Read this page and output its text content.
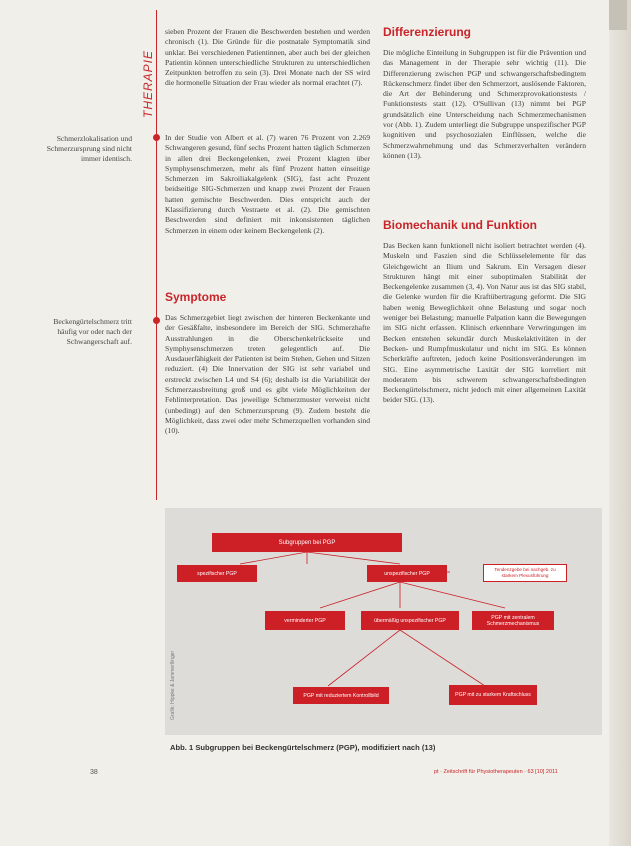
THERAPIE
Schmerzlokalisation und Schmerzursprung sind nicht immer identisch.
Beckengürtelschmerz tritt häufig vor oder nach der Schwangerschaft auf.

sieben Prozent der Frauen die Beschwerden bestehen und werden chronisch (1). Die Gründe für die postnatale Symptomatik sind unklar. Bei verschiedenen Patientinnen, aber auch bei der gleichen Patientin können unterschiedliche Strukturen zu unterschiedlichen Zeitpunkten betroffen zu sein (3). Drei Monate nach der SS wird die hormonelle Situation der Frau wieder als normal erachtet (7).

In der Studie von Albert et al. (7) waren 76 Prozent von 2.269 Schwangeren gesund, fünf sechs Prozent hatten täglich Schmerzen in allen drei Beckengelenken, zwei Prozent klagten über Symphysenschmerzen, mehr als fünf Prozent hatten einseitige Schmerzen im Sakroiliakalgelenk (SIG), fast acht Prozent beidseitige SIG-Schmerzen und knapp zwei Prozent der Frauen hatten gemischte Beschwerden. Dies entspricht auch der Klassifizierung durch Vestraete et al. (2). Die gemischten Beschwerden sind definiert mit inkonsistenten täglichen Schmerzen in einem oder keinem Beckengelenk (2).

Symptome

Das Schmerzgebiet liegt zwischen der hinteren Beckenkante und der Gesäßfalte, insbesondere im Bereich der SIG. Schmerzhafte Ausstrahlungen in die Oberschenkelrückseite und Symphysenschmerzen treten gelegentlich auf. Die Ausdauerfähigkeit der Patienten ist beim Stehen, Gehen und Sitzen reduziert. (4) Die Innervation der SIG ist sehr variabel und erstreckt zwischen L4 und S4 (6); deshalb ist die Variabilität der Schmerzausbreitung groß und es gibt viele Möglichkeiten der Fehlinterpretation. Das jeweilige Schmerzmuster verweist nicht (unbedingt) auf den Schmerzursprung (9). Zudem besteht die Möglichkeit, dass zwei oder mehr Schmerzquellen vorhanden sind (10).

Differenzierung

Die mögliche Einteilung in Subgruppen ist für die Prävention und das Management in der Therapie sehr wichtig (11). Die Differenzierung zwischen PGP und schwangerschaftsbedingtem Rückenschmerz findet über den Schmerzort, auslösende Faktoren, die Art der Behinderung und Schmerzprovokationstests / Funktionstests statt (12). O'Sullivan (13) nimmt bei PGP grundsätzlich eine Unterscheidung nach Schmerzmechanismen vor (Abb. 1). Zudem unterliegt die Subgruppe unspezifischer PGP kognitiven und psychosozialen Einflüssen, welche die Schmerzwahrnehmung und das Schmerzverhalten verändern können (13).

Biomechanik und Funktion

Das Becken kann funktionell nicht isoliert betrachtet werden (4). Muskeln und Faszien sind die Schlüsselelemente für das Gleichgewicht an Ilium und Sakrum. Ein Versagen dieser Strukturen hängt mit einer suboptimalen Stabilität der Beckengelenke zusammen (3, 4). Von Natur aus ist das SIG stabil, die Gelenke wurden für die Kraftübertragung geformt. Die SIG haben wenig Beweglichkeit ohne Belastung und sogar noch weniger bei Belastung; manuelle Palpation kann die Bewegungen im SIG nicht erfassen. Klinisch erkennbare Verwringungen im Becken entstehen sekundär durch Muskelaktivitäten in der Becken- und Rumpfmuskulatur und nicht im SIG. Es können Scherkräfte auftreten, jedoch keine Positionsveränderungen im SIG. Eine asymmetrische Laxität der SIG korreliert mit moderatem bis schwerem schwangerschaftsbedingten Beckengürtelschmerz, nicht jedoch mit einer allgemeinen Laxität beider SIG. (13).

Subgruppen bei PGP
spezifischer PGP	unspezifischer PGP
Tendenzgebe bei nachgeb. zu starkem Plexusführung
verminderter PGP	übermäßig unspezifischer PGP	PGP mit zentralem Schmerzmechanismus
PGP mit reduziertem Kontrollbild	PGP mit zu starkem Kraftschluss
Grafik: Hippke & Jammerllinger
Abb. 1 Subgruppen bei Beckengürtelschmerz (PGP), modifiziert nach (13)
38	pt · Zeitschrift für Physiotherapeuten · 63 [10] 2011
